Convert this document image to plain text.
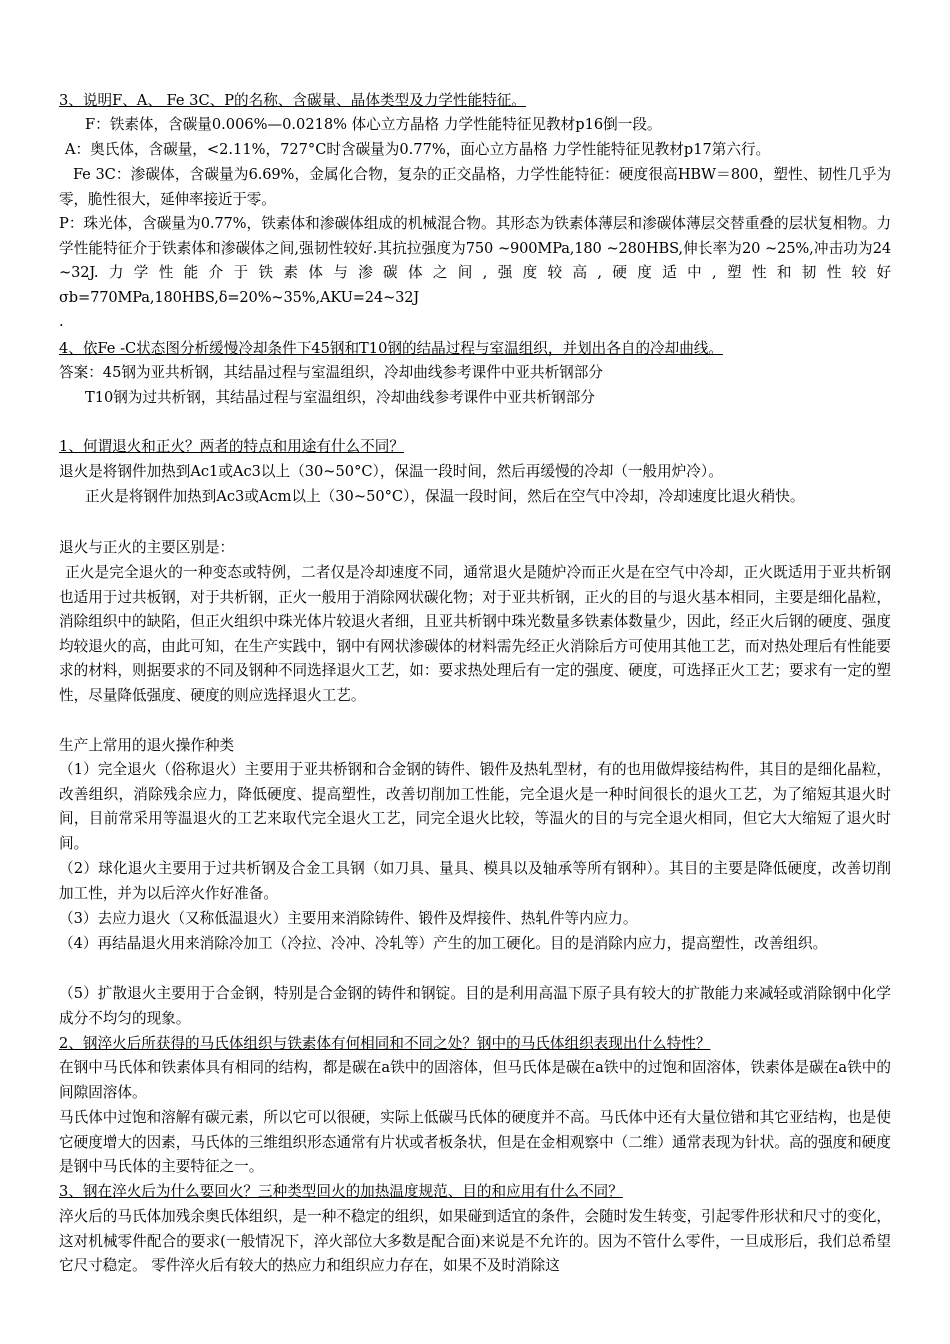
3、说明F、A、 Fe 3C、P的名称、含碳量、晶体类型及力学性能特征。

F：铁素体，含碳量0.006%—0.0218% 体心立方晶格 力学性能特征见教材p16倒一段。

A：奥氏体，含碳量，<2.11%，727°C时含碳量为0.77%，面心立方晶格 力学性能特征见教材p17第六行。

Fe 3C：渗碳体，含碳量为6.69%，金属化合物，复杂的正交晶格，力学性能特征：硬度很高HBW＝800，塑性、韧性几乎为零，脆性很大，延伸率接近于零。

P：珠光体，含碳量为0.77%，铁素体和渗碳体组成的机械混合物。其形态为铁素体薄层和渗碳体薄层交替重叠的层状复相物。力学性能特征介于铁素体和渗碳体之间,强韧性较好.其抗拉强度为750 ~900MPa,180 ~280HBS,伸长率为20 ~25%,冲击功为24 ~32J.力学性能介于铁素体与渗碳体之间,强度较高,硬度适中,塑性和韧性较好σb=770MPa,180HBS,δ=20%~35%,AKU=24~32J

.

4、依Fe -C状态图分析缓慢冷却条件下45钢和T10钢的结晶过程与室温组织，并划出各自的冷却曲线。

答案：45钢为亚共析钢，其结晶过程与室温组织，冷却曲线参考课件中亚共析钢部分

T10钢为过共析钢，其结晶过程与室温组织，冷却曲线参考课件中亚共析钢部分

1、何谓退火和正火？两者的特点和用途有什么不同？

退火是将钢件加热到Ac1或Ac3以上（30~50°C），保温一段时间，然后再缓慢的冷却（一般用炉冷）。

正火是将钢件加热到Ac3或Acm以上（30~50°C），保温一段时间，然后在空气中冷却，冷却速度比退火稍快。

退火与正火的主要区别是：

正火是完全退火的一种变态或特例，二者仅是冷却速度不同，通常退火是随炉冷而正火是在空气中冷却，正火既适用于亚共析钢也适用于过共板钢，对于共析钢，正火一般用于消除网状碳化物；对于亚共析钢，正火的目的与退火基本相同，主要是细化晶粒，消除组织中的缺陷，但正火组织中珠光体片较退火者细，且亚共析钢中珠光数量多铁素体数量少，因此，经正火后钢的硬度、强度均较退火的高，由此可知，在生产实践中，钢中有网状渗碳体的材料需先经正火消除后方可使用其他工艺，而对热处理后有性能要求的材料，则据要求的不同及钢种不同选择退火工艺，如：要求热处理后有一定的强度、硬度，可选择正火工艺；要求有一定的塑性，尽量降低强度、硬度的则应选择退火工艺。

生产上常用的退火操作种类

（1）完全退火（俗称退火）主要用于亚共桥钢和合金钢的铸件、锻件及热轧型材，有的也用做焊接结构件，其目的是细化晶粒，改善组织，消除残余应力，降低硬度、提高塑性，改善切削加工性能，完全退火是一种时间很长的退火工艺，为了缩短其退火时间，目前常采用等温退火的工艺来取代完全退火工艺，同完全退火比较，等温火的目的与完全退火相同，但它大大缩短了退火时间。

（2）球化退火主要用于过共析钢及合金工具钢（如刀具、量具、模具以及轴承等所有钢种）。其目的主要是降低硬度，改善切削加工性，并为以后淬火作好准备。

（3）去应力退火（又称低温退火）主要用来消除铸件、锻件及焊接件、热轧件等内应力。

（4）再结晶退火用来消除冷加工（冷拉、冷冲、冷轧等）产生的加工硬化。目的是消除内应力，提高塑性，改善组织。

（5）扩散退火主要用于合金钢，特别是合金钢的铸件和钢锭。目的是利用高温下原子具有较大的扩散能力来减轻或消除钢中化学成分不均匀的现象。

2、钢淬火后所获得的马氏体组织与铁素体有何相同和不同之处？钢中的马氏体组织表现出什么特性？

在钢中马氏体和铁素体具有相同的结构，都是碳在a铁中的固溶体，但马氏体是碳在a铁中的过饱和固溶体，铁素体是碳在a铁中的间隙固溶体。

马氏体中过饱和溶解有碳元素，所以它可以很硬，实际上低碳马氏体的硬度并不高。马氏体中还有大量位错和其它亚结构，也是使它硬度增大的因素，马氏体的三维组织形态通常有片状或者板条状，但是在金相观察中（二维）通常表现为针状。高的强度和硬度是钢中马氏体的主要特征之一。

3、钢在淬火后为什么要回火？三种类型回火的加热温度规范、目的和应用有什么不同？

淬火后的马氏体加残余奥氏体组织，是一种不稳定的组织，如果碰到适宜的条件，会随时发生转变，引起零件形状和尺寸的变化，这对机械零件配合的要求(一般情况下，淬火部位大多数是配合面)来说是不允许的。因为不管什么零件，一旦成形后，我们总希望它尺寸稳定。 零件淬火后有较大的热应力和组织应力存在，如果不及时消除这
